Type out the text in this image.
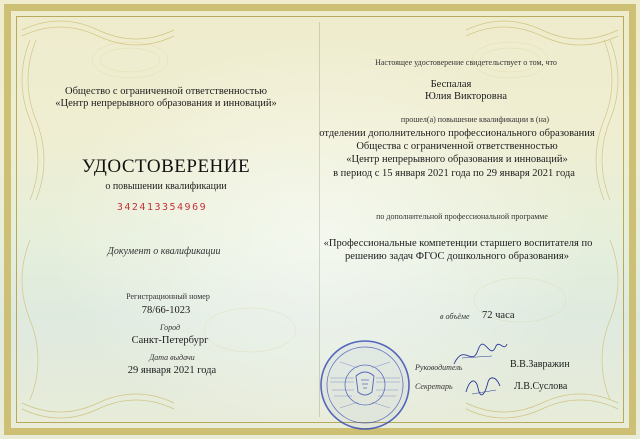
Общество с ограниченной ответственностью
«Центр непрерывного образования и инноваций»
УДОСТОВЕРЕНИЕ
о повышении квалификации
342413354969
Документ о квалификации
Регистрационный номер
78/66-1023
Город
Санкт-Петербург
Дата выдачи
29 января 2021 года
Настоящее удостоверение свидетельствует о том, что
Беспалая
Юлия Викторовна
прошел(а) повышение квалификации в (на)
отделении дополнительного профессионального образования
Общества с ограниченной ответственностью
«Центр непрерывного образования и инноваций»
в период с 15 января 2021 года по 29 января 2021 года
по дополнительной профессиональной программе
«Профессиональные компетенции старшего воспитателя по
решению задач ФГОС дошкольного образования»
в объёме 72 часа
Руководитель	В.В.Завражин
Секретарь	Л.В.Суслова
